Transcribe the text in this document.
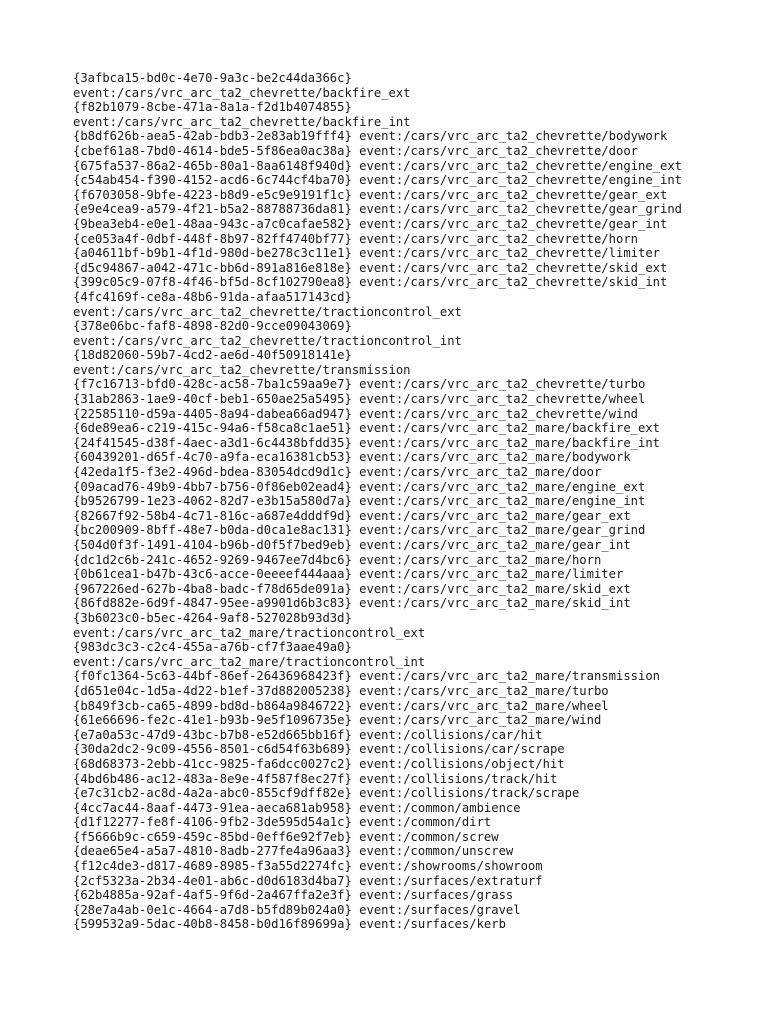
{3afbca15-bd0c-4e70-9a3c-be2c44da366c}
event:/cars/vrc_arc_ta2_chevrette/backfire_ext
{f82b1079-8cbe-471a-8a1a-f2d1b4074855}
event:/cars/vrc_arc_ta2_chevrette/backfire_int
{b8df626b-aea5-42ab-bdb3-2e83ab19fff4} event:/cars/vrc_arc_ta2_chevrette/bodywork
{cbef61a8-7bd0-4614-bde5-5f86ea0ac38a} event:/cars/vrc_arc_ta2_chevrette/door
{675fa537-86a2-465b-80a1-8aa6148f940d} event:/cars/vrc_arc_ta2_chevrette/engine_ext
{c54ab454-f390-4152-acd6-6c744cf4ba70} event:/cars/vrc_arc_ta2_chevrette/engine_int
{f6703058-9bfe-4223-b8d9-e5c9e9191f1c} event:/cars/vrc_arc_ta2_chevrette/gear_ext
{e9e4cea9-a579-4f21-b5a2-88788736da81} event:/cars/vrc_arc_ta2_chevrette/gear_grind
{9bea3eb4-e0e1-48aa-943c-a7c0cafae582} event:/cars/vrc_arc_ta2_chevrette/gear_int
{ce053a4f-0dbf-448f-8b97-82ff4740bf77} event:/cars/vrc_arc_ta2_chevrette/horn
{a04611bf-b9b1-4f1d-980d-be278c3c11e1} event:/cars/vrc_arc_ta2_chevrette/limiter
{d5c94867-a042-471c-bb6d-891a816e818e} event:/cars/vrc_arc_ta2_chevrette/skid_ext
{399c05c9-07f8-4f46-bf5d-8cf102790ea8} event:/cars/vrc_arc_ta2_chevrette/skid_int
{4fc4169f-ce8a-48b6-91da-afaa517143cd}
event:/cars/vrc_arc_ta2_chevrette/tractioncontrol_ext
{378e06bc-faf8-4898-82d0-9cce09043069}
event:/cars/vrc_arc_ta2_chevrette/tractioncontrol_int
{18d82060-59b7-4cd2-ae6d-40f50918141e}
event:/cars/vrc_arc_ta2_chevrette/transmission
{f7c16713-bfd0-428c-ac58-7ba1c59aa9e7} event:/cars/vrc_arc_ta2_chevrette/turbo
{31ab2863-1ae9-40cf-beb1-650ae25a5495} event:/cars/vrc_arc_ta2_chevrette/wheel
{22585110-d59a-4405-8a94-dabea66ad947} event:/cars/vrc_arc_ta2_chevrette/wind
{6de89ea6-c219-415c-94a6-f58ca8c1ae51} event:/cars/vrc_arc_ta2_mare/backfire_ext
{24f41545-d38f-4aec-a3d1-6c4438bfdd35} event:/cars/vrc_arc_ta2_mare/backfire_int
{60439201-d65f-4c70-a9fa-eca16381cb53} event:/cars/vrc_arc_ta2_mare/bodywork
{42eda1f5-f3e2-496d-bdea-83054dcd9d1c} event:/cars/vrc_arc_ta2_mare/door
{09acad76-49b9-4bb7-b756-0f86eb02ead4} event:/cars/vrc_arc_ta2_mare/engine_ext
{b9526799-1e23-4062-82d7-e3b15a580d7a} event:/cars/vrc_arc_ta2_mare/engine_int
{82667f92-58b4-4c71-816c-a687e4dddf9d} event:/cars/vrc_arc_ta2_mare/gear_ext
{bc200909-8bff-48e7-b0da-d0ca1e8ac131} event:/cars/vrc_arc_ta2_mare/gear_grind
{504d0f3f-1491-4104-b96b-d0f5f7bed9eb} event:/cars/vrc_arc_ta2_mare/gear_int
{dc1d2c6b-241c-4652-9269-9467ee7d4bc6} event:/cars/vrc_arc_ta2_mare/horn
{0b61cea1-b47b-43c6-acce-0eeeef444aaa} event:/cars/vrc_arc_ta2_mare/limiter
{967226ed-627b-4ba8-badc-f78d65de091a} event:/cars/vrc_arc_ta2_mare/skid_ext
{86fd882e-6d9f-4847-95ee-a9901d6b3c83} event:/cars/vrc_arc_ta2_mare/skid_int
{3b6023c0-b5ec-4264-9af8-527028b93d3d}
event:/cars/vrc_arc_ta2_mare/tractioncontrol_ext
{983dc3c3-c2c4-455a-a76b-cf7f3aae49a0}
event:/cars/vrc_arc_ta2_mare/tractioncontrol_int
{f0fc1364-5c63-44bf-86ef-26436968423f} event:/cars/vrc_arc_ta2_mare/transmission
{d651e04c-1d5a-4d22-b1ef-37d882005238} event:/cars/vrc_arc_ta2_mare/turbo
{b849f3cb-ca65-4899-bd8d-b864a9846722} event:/cars/vrc_arc_ta2_mare/wheel
{61e66696-fe2c-41e1-b93b-9e5f1096735e} event:/cars/vrc_arc_ta2_mare/wind
{e7a0a53c-47d9-43bc-b7b8-e52d665bb16f} event:/collisions/car/hit
{30da2dc2-9c09-4556-8501-c6d54f63b689} event:/collisions/car/scrape
{68d68373-2ebb-41cc-9825-fa6dcc0027c2} event:/collisions/object/hit
{4bd6b486-ac12-483a-8e9e-4f587f8ec27f} event:/collisions/track/hit
{e7c31cb2-ac8d-4a2a-abc0-855cf9dff82e} event:/collisions/track/scrape
{4cc7ac44-8aaf-4473-91ea-aeca681ab958} event:/common/ambience
{d1f12277-fe8f-4106-9fb2-3de595d54a1c} event:/common/dirt
{f5666b9c-c659-459c-85bd-0eff6e92f7eb} event:/common/screw
{deae65e4-a5a7-4810-8adb-277fe4a96aa3} event:/common/unscrew
{f12c4de3-d817-4689-8985-f3a55d2274fc} event:/showrooms/showroom
{2cf5323a-2b34-4e01-ab6c-d0d6183d4ba7} event:/surfaces/extraturf
{62b4885a-92af-4af5-9f6d-2a467ffa2e3f} event:/surfaces/grass
{28e7a4ab-0e1c-4664-a7d8-b5fd89b024a0} event:/surfaces/gravel
{599532a9-5dac-40b8-8458-b0d16f89699a} event:/surfaces/kerb
